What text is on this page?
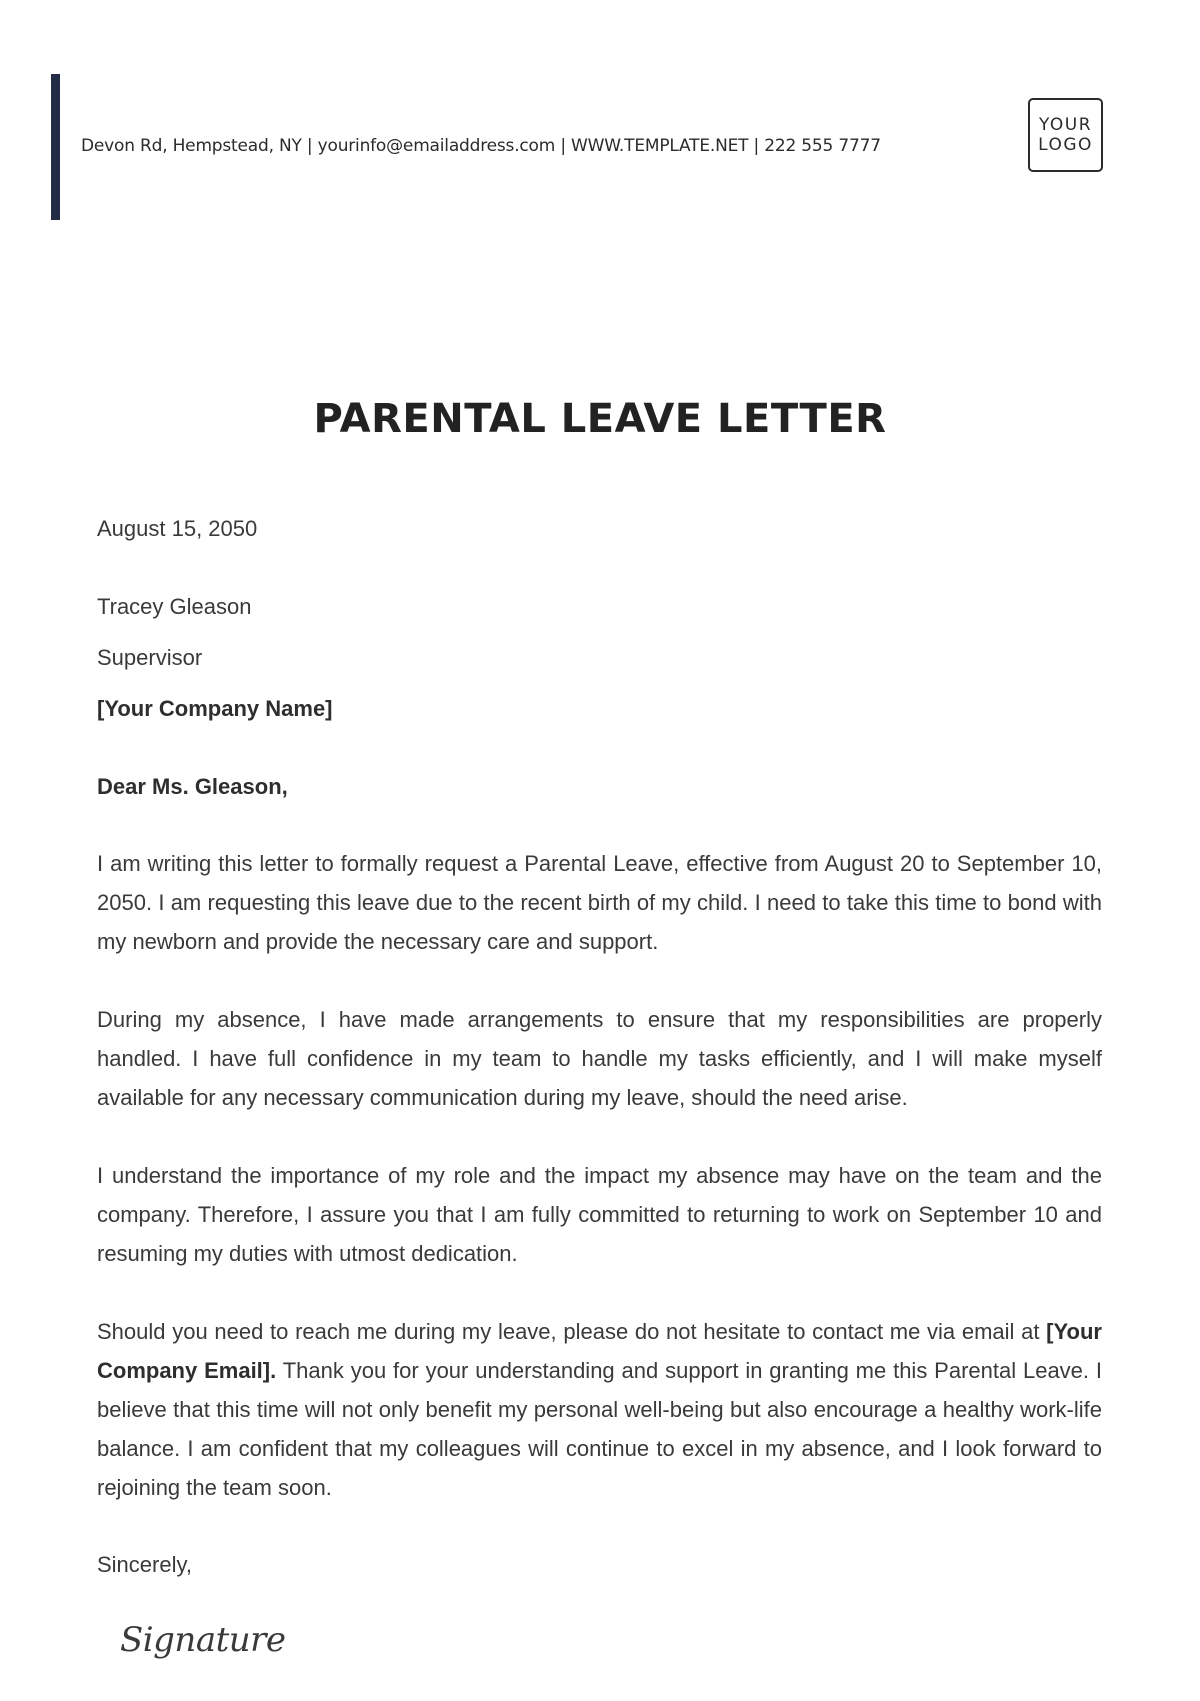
Devon Rd, Hempstead, NY | yourinfo@emailaddress.com | WWW.TEMPLATE.NET | 222 555 7777
YOUR
LOGO
PARENTAL LEAVE LETTER
August 15, 2050
Tracey Gleason
Supervisor
[Your Company Name]
Dear Ms. Gleason,
I am writing this letter to formally request a Parental Leave, effective from August 20 to September 10, 2050. I am requesting this leave due to the recent birth of my child. I need to take this time to bond with my newborn and provide the necessary care and support.
During my absence, I have made arrangements to ensure that my responsibilities are properly handled. I have full confidence in my team to handle my tasks efficiently, and I will make myself available for any necessary communication during my leave, should the need arise.
I understand the importance of my role and the impact my absence may have on the team and the company. Therefore, I assure you that I am fully committed to returning to work on September 10 and resuming my duties with utmost dedication.
Should you need to reach me during my leave, please do not hesitate to contact me via email at [Your Company Email]. Thank you for your understanding and support in granting me this Parental Leave. I believe that this time will not only benefit my personal well-being but also encourage a healthy work-life balance. I am confident that my colleagues will continue to excel in my absence, and I look forward to rejoining the team soon.
Sincerely,
Signature
